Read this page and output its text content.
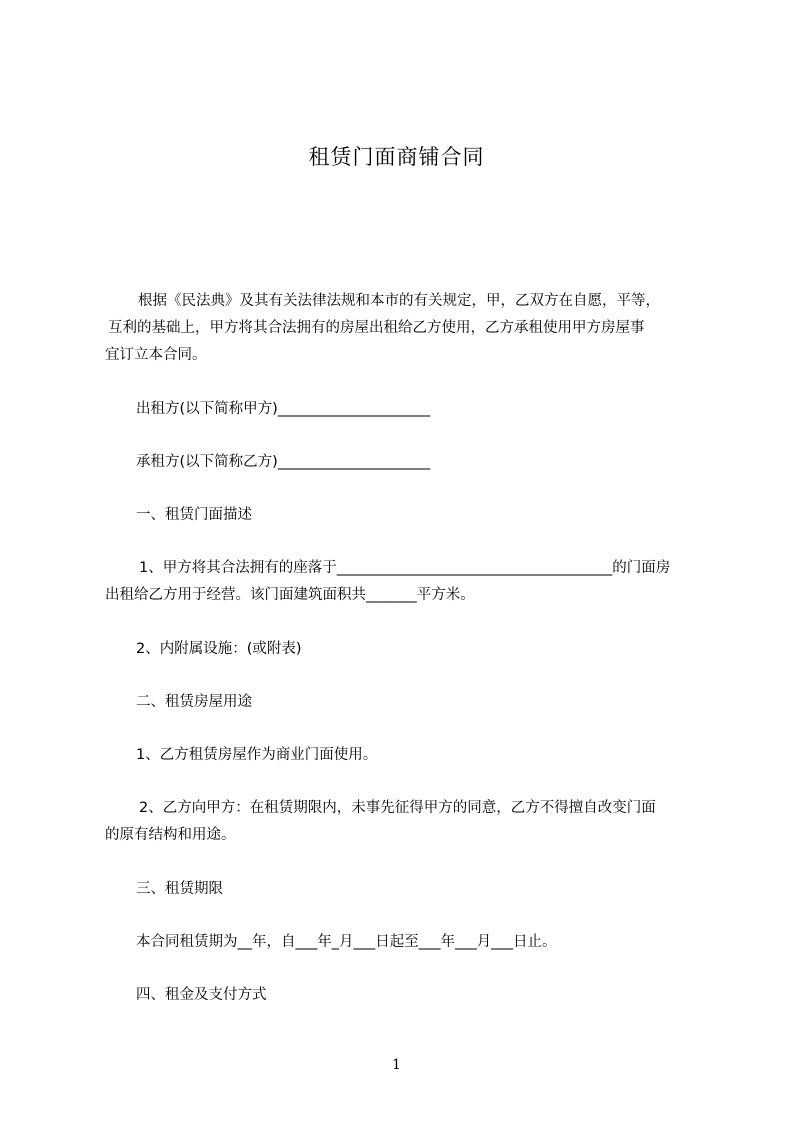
租赁门面商铺合同
根据《民法典》及其有关法律法规和本市的有关规定，甲，乙双方在自愿，平等，
互利的基础上，甲方将其合法拥有的房屋出租给乙方使用，乙方承租使用甲方房屋事
宜订立本合同。
出租方(以下简称甲方)_____________________
承租方(以下简称乙方)_____________________
一、租赁门面描述
1、甲方将其合法拥有的座落于______________________________________的门面房
出租给乙方用于经营。该门面建筑面积共_______平方米。
2、内附属设施：(或附表)
二、租赁房屋用途
1、乙方租赁房屋作为商业门面使用。
2、乙方向甲方：在租赁期限内，未事先征得甲方的同意，乙方不得擅自改变门面
的原有结构和用途。
三、租赁期限
本合同租赁期为__年，自___年_月___日起至___年___月___日止。
四、租金及支付方式
1
